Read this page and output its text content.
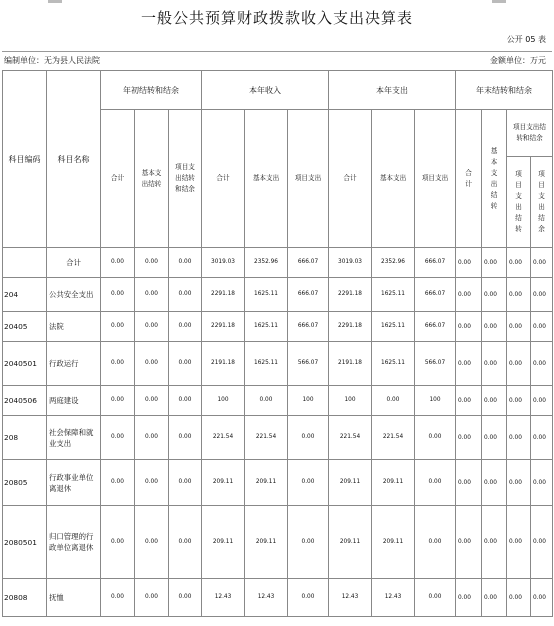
一般公共预算财政拨款收入支出决算表
公开 05 表
编制单位：无为县人民法院	金额单位：万元
科目编码	科目名称	年初结转和结余			本年收入			本年支出			年末结转和结余			
		合计	基本支出结转	项目支出结转和结余	合计	基本支出	项目支出	合计	基本支出	项目支出	合计	基本支出结转	项目支出结转和结余	
													项目支出结转	项目支出结余
	合计	0.00	0.00	0.00	3019.03	2352.96	666.07	3019.03	2352.96	666.07	0.00	0.00	0.00	0.00
204	公共安全支出	0.00	0.00	0.00	2291.18	1625.11	666.07	2291.18	1625.11	666.07	0.00	0.00	0.00	0.00
20405	法院	0.00	0.00	0.00	2291.18	1625.11	666.07	2291.18	1625.11	666.07	0.00	0.00	0.00	0.00
2040501	行政运行	0.00	0.00	0.00	2191.18	1625.11	566.07	2191.18	1625.11	566.07	0.00	0.00	0.00	0.00
2040506	两庭建设	0.00	0.00	0.00	100	0.00	100	100	0.00	100	0.00	0.00	0.00	0.00
208	社会保障和就业支出	0.00	0.00	0.00	221.54	221.54	0.00	221.54	221.54	0.00	0.00	0.00	0.00	0.00
20805	行政事业单位离退休	0.00	0.00	0.00	209.11	209.11	0.00	209.11	209.11	0.00	0.00	0.00	0.00	0.00
2080501	归口管理的行政单位离退休	0.00	0.00	0.00	209.11	209.11	0.00	209.11	209.11	0.00	0.00	0.00	0.00	0.00
20808	抚恤	0.00	0.00	0.00	12.43	12.43	0.00	12.43	12.43	0.00	0.00	0.00	0.00	0.00
